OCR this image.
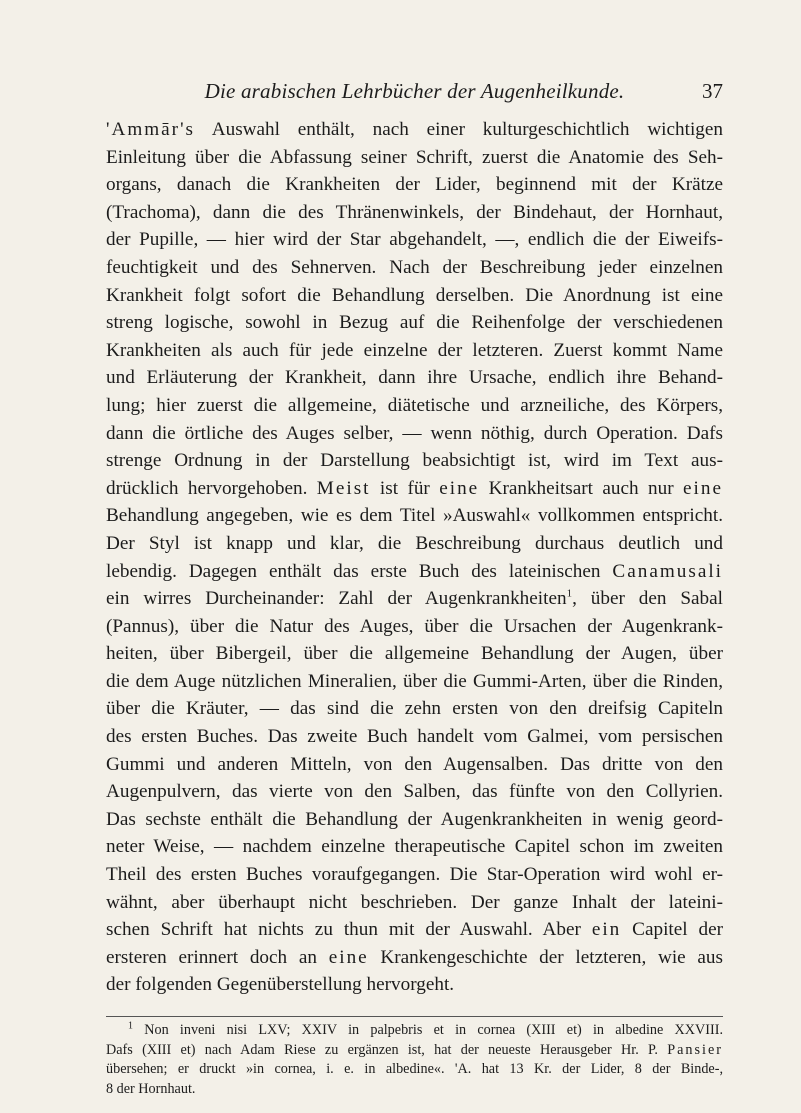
Die arabischen Lehrbücher der Augenheilkunde.	37
'Ammār's Auswahl enthält, nach einer kulturgeschichtlich wichtigen
Einleitung über die Abfassung seiner Schrift, zuerst die Anatomie des Seh-
organs, danach die Krankheiten der Lider, beginnend mit der Krätze
(Trachoma), dann die des Thränenwinkels, der Bindehaut, der Hornhaut,
der Pupille, — hier wird der Star abgehandelt, —, endlich die der Eiweifs-
feuchtigkeit und des Sehnerven. Nach der Beschreibung jeder einzelnen
Krankheit folgt sofort die Behandlung derselben. Die Anordnung ist eine
streng logische, sowohl in Bezug auf die Reihenfolge der verschiedenen
Krankheiten als auch für jede einzelne der letzteren. Zuerst kommt Name
und Erläuterung der Krankheit, dann ihre Ursache, endlich ihre Behand-
lung; hier zuerst die allgemeine, diätetische und arzneiliche, des Körpers,
dann die örtliche des Auges selber, — wenn nöthig, durch Operation. Dafs
strenge Ordnung in der Darstellung beabsichtigt ist, wird im Text aus-
drücklich hervorgehoben. Meist ist für eine Krankheitsart auch nur eine
Behandlung angegeben, wie es dem Titel »Auswahl« vollkommen entspricht.
Der Styl ist knapp und klar, die Beschreibung durchaus deutlich und
lebendig. Dagegen enthält das erste Buch des lateinischen Canamusali
ein wirres Durcheinander: Zahl der Augenkrankheiten$^1$, über den Sabal
(Pannus), über die Natur des Auges, über die Ursachen der Augenkrank-
heiten, über Bibergeil, über die allgemeine Behandlung der Augen, über
die dem Auge nützlichen Mineralien, über die Gummi-Arten, über die Rinden,
über die Kräuter, — das sind die zehn ersten von den dreifsig Capiteln
des ersten Buches. Das zweite Buch handelt vom Galmei, vom persischen
Gummi und anderen Mitteln, von den Augensalben. Das dritte von den
Augenpulvern, das vierte von den Salben, das fünfte von den Collyrien.
Das sechste enthält die Behandlung der Augenkrankheiten in wenig geord-
neter Weise, — nachdem einzelne therapeutische Capitel schon im zweiten
Theil des ersten Buches voraufgegangen. Die Star-Operation wird wohl er-
wähnt, aber überhaupt nicht beschrieben. Der ganze Inhalt der lateini-
schen Schrift hat nichts zu thun mit der Auswahl. Aber ein Capitel der
ersteren erinnert doch an eine Krankengeschichte der letzteren, wie aus
der folgenden Gegenüberstellung hervorgeht.
$^1$ Non inveni nisi LXV; XXIV in palpebris et in cornea (XIII et) in albedine XXVIII.
Dafs (XIII et) nach Adam Riese zu ergänzen ist, hat der neueste Herausgeber Hr. P. Pansier
übersehen; er druckt »in cornea, i. e. in albedine«. 'A. hat 13 Kr. der Lider, 8 der Binde-,
8 der Hornhaut.
